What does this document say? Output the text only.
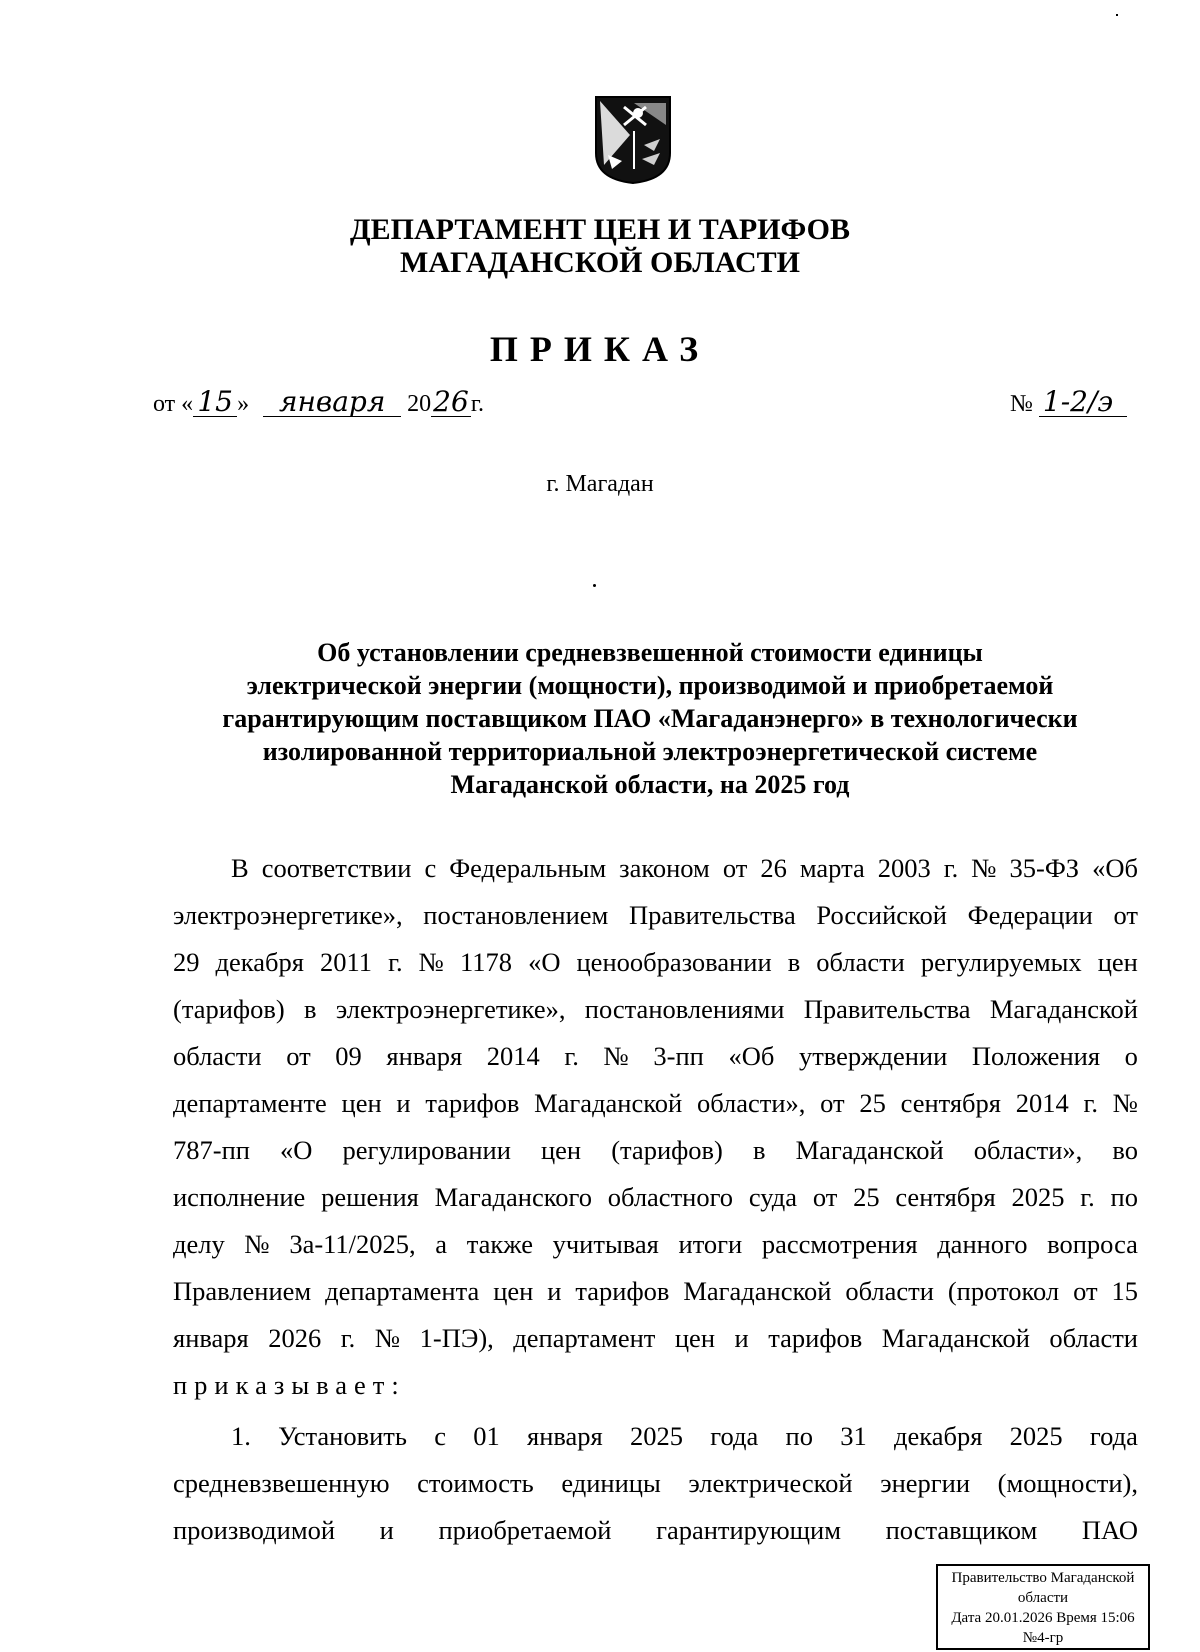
ДЕПАРТАМЕНТ ЦЕН И ТАРИФОВ
МАГАДАНСКОЙ ОБЛАСТИ
ПРИКАЗ
от « 15 » января 2026г.	№ 1-2/э
г. Магадан
Об установлении средневзвешенной стоимости единицы
электрической энергии (мощности), производимой и приобретаемой
гарантирующим поставщиком ПАО «Магаданэнерго» в технологически
изолированной территориальной электроэнергетической системе
Магаданской области, на 2025 год
В соответствии с Федеральным законом от 26 марта 2003 г. № 35-ФЗ «Об
электроэнергетике», постановлением Правительства Российской Федерации от
29 декабря 2011 г. № 1178 «О ценообразовании в области регулируемых цен
(тарифов) в электроэнергетике», постановлениями Правительства Магаданской
области от 09 января 2014 г. № 3-пп «Об утверждении Положения о
департаменте цен и тарифов Магаданской области», от 25 сентября 2014 г. №
787-пп «О регулировании цен (тарифов) в Магаданской области», во
исполнение решения Магаданского областного суда от 25 сентября 2025 г. по
делу № 3а-11/2025, а также учитывая итоги рассмотрения данного вопроса
Правлением департамента цен и тарифов Магаданской области (протокол от 15
января 2026 г. № 1-ПЭ), департамент цен и тарифов Магаданской области
приказывает:
1. Установить с 01 января 2025 года по 31 декабря 2025 года
средневзвешенную стоимость единицы электрической энергии (мощности),
производимой и приобретаемой гарантирующим поставщиком ПАО
Правительство Магаданской
области
Дата 20.01.2026 Время 15:06
№4-гр
